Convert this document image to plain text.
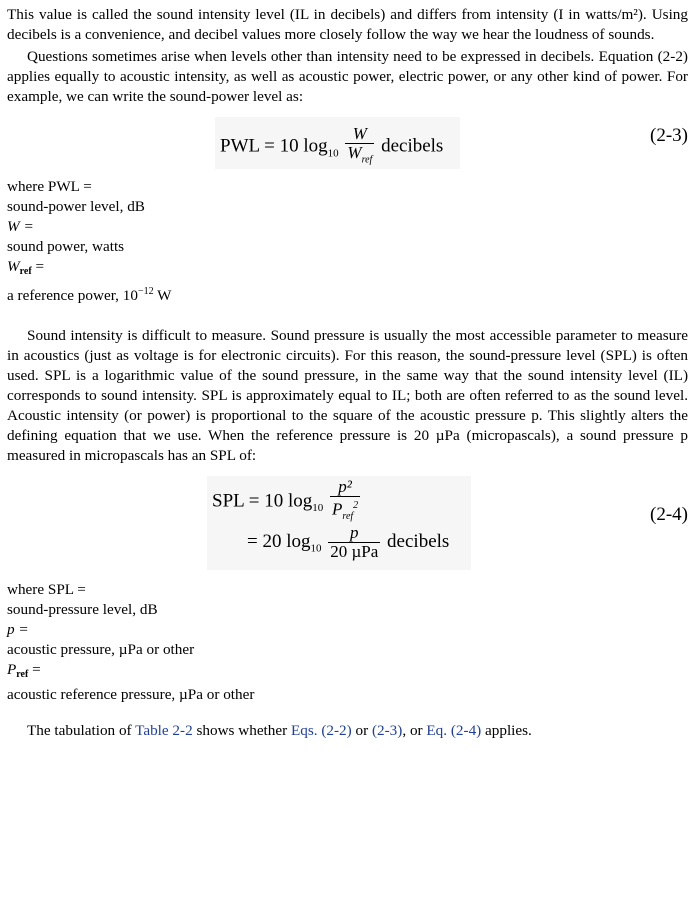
This value is called the sound intensity level (IL in decibels) and differs from intensity (I in watts/m²). Using decibels is a convenience, and decibel values more closely follow the way we hear the loudness of sounds.

Questions sometimes arise when levels other than intensity need to be expressed in decibels. Equation (2-2) applies equally to acoustic intensity, as well as acoustic power, electric power, or any other kind of power. For example, we can write the sound-power level as:

PWL = 10 $\log_{10} \frac{W}{W_{ref}}$ decibels
(2-3)
where PWL =
sound-power level, dB
W =
sound power, watts
Wref =
a reference power, $10^{-12}$ W

Sound intensity is difficult to measure. Sound pressure is usually the most accessible parameter to measure in acoustics (just as voltage is for electronic circuits). For this reason, the sound-pressure level (SPL) is often used. SPL is a logarithmic value of the sound pressure, in the same way that the sound intensity level (IL) corresponds to sound intensity. SPL is approximately equal to IL; both are often referred to as the sound level. Acoustic intensity (or power) is proportional to the square of the acoustic pressure p. This slightly alters the defining equation that we use. When the reference pressure is 20 µPa (micropascals), a sound pressure p measured in micropascals has an SPL of:

SPL = 10 $\log_{10} \frac{\text{p²}}{P_{ref}^2}$
= 20 $\log_{10} \frac{p}{\text{20 µPa}}$ decibels
(2-4)
where SPL =
sound-pressure level, dB
p =
acoustic pressure, µPa or other
Pref =
acoustic reference pressure, µPa or other

The tabulation of Table 2-2 shows whether Eqs. (2-2) or (2-3), or Eq. (2-4) applies.
